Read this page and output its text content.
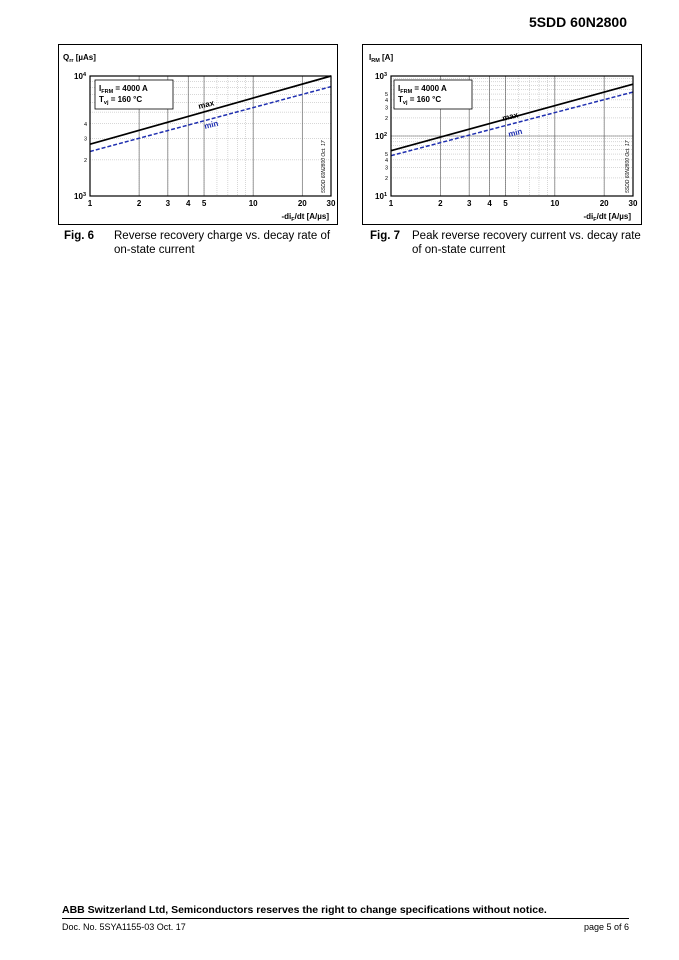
5SDD 60N2800
$Q_{rr}$ [µAs]
$10^3$
$10^4$
2
3
4
1	2	3 4 5	10	20 30
$I_{FRM} = 4000$ A
$T_{vj} = 160$ °C	max
min
5SDD 60N2800 Oct. 17
$-di_F/dt$ [A/µs]
Fig. 6 Reverse recovery charge vs. decay rate of on-state current
$I_{RM}$ [A]
$10^1$
$10^2$
$10^3$
2
3
4
5
2
3
4
5
1	2	3 4 5	10	20 30
$I_{FRM} = 4000$ A
$T_{vj} = 160$ °C
max
min
5SDD 60N2800 Oct. 17
$-di_F/dt$ [A/µs]
Fig. 7 Peak reverse recovery current vs. decay rate of on-state current
ABB Switzerland Ltd, Semiconductors reserves the right to change specifications without notice.
Doc. No. 5SYA1155-03 Oct. 17	page 5 of 6
